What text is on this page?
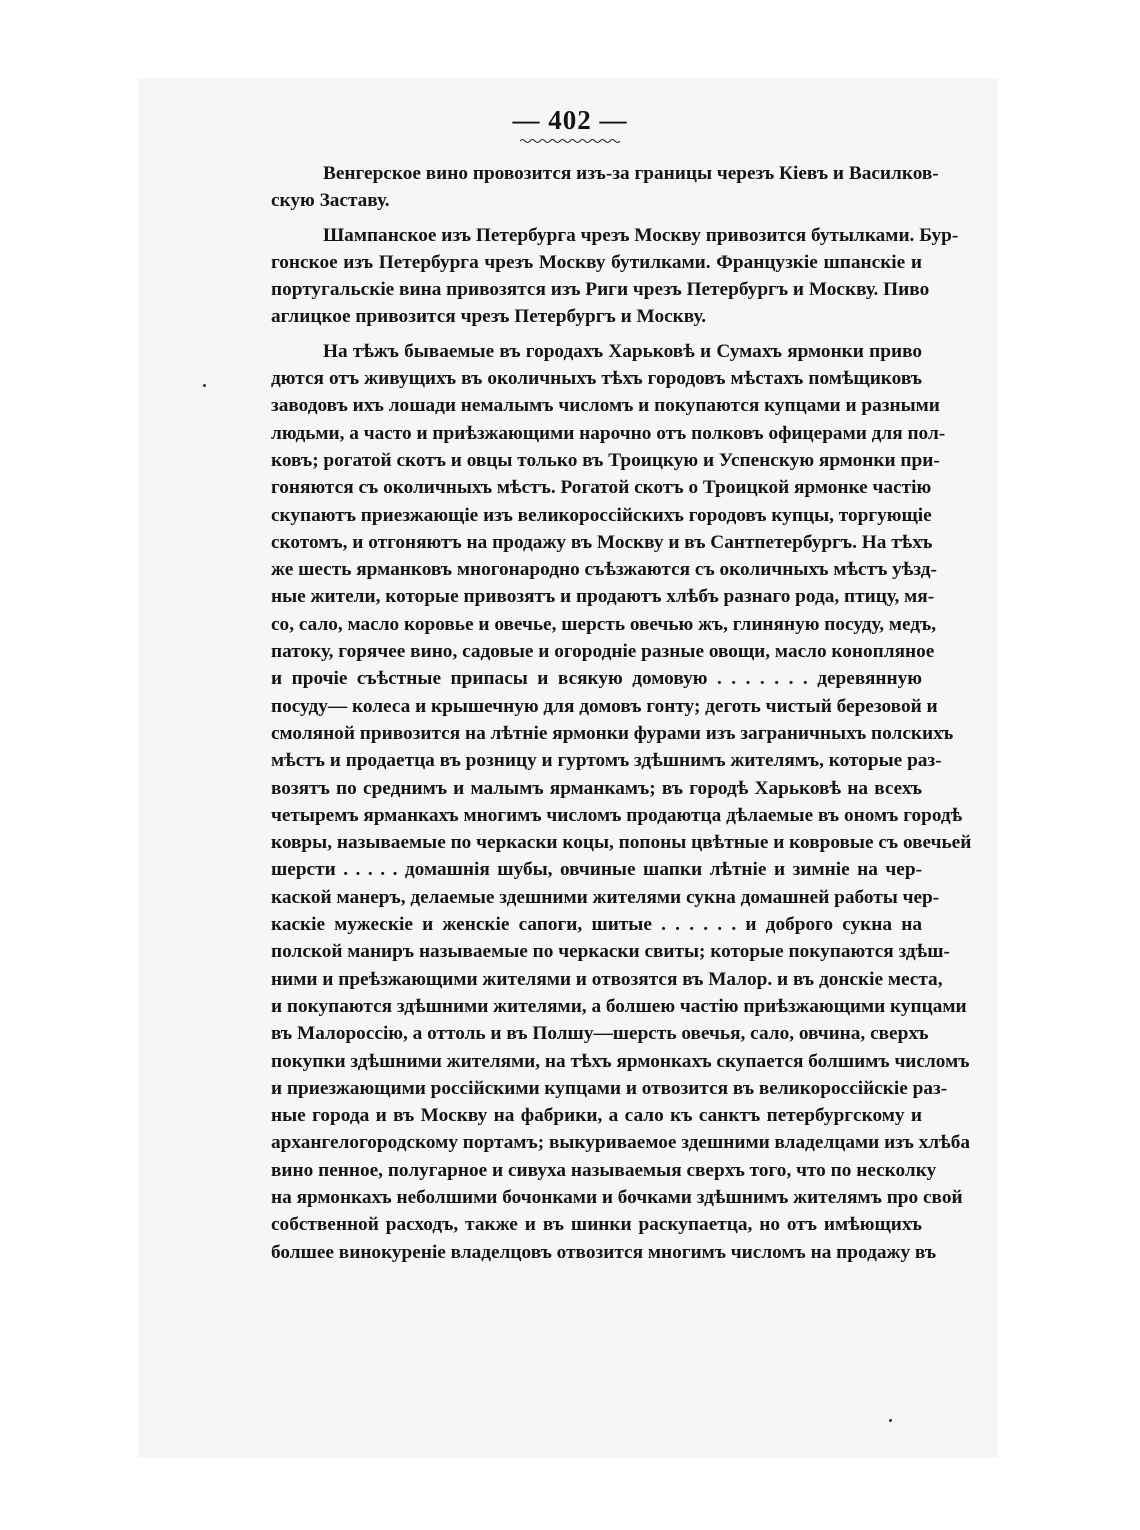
— 402 —
Венгерское вино провозится изъ-за границы черезъ Кіевъ и Василков-
скую Заставу.
Шампанское изъ Петербурга чрезъ Москву привозится бутылками. Бур-
гонское изъ Петербурга чрезъ Москву бутилками. Французкіе шпанскіе и
португальскіе вина привозятся изъ Риги чрезъ Петербургъ и Москву. Пиво
аглицкое привозится чрезъ Петербургъ и Москву.
На тѣжъ бываемые въ городахъ Харьковѣ и Сумахъ ярмонки приво
дются отъ живущихъ въ околичныхъ тѣхъ городовъ мѣстахъ помѣщиковъ
заводовъ ихъ лошади немалымъ числомъ и покупаются купцами и разными
людьми, а часто и приѣзжающими нарочно отъ полковъ офицерами для пол-
ковъ; рогатой скотъ и овцы только въ Троицкую и Успенскую ярмонки при-
гоняются съ околичныхъ мѣстъ. Рогатой скотъ о Троицкой ярмонке частію
скупаютъ приезжающіе изъ великороссійскихъ городовъ купцы, торгующіе
скотомъ, и отгоняютъ на продажу въ Москву и въ Сантпетербургъ. На тѣхъ
же шесть ярманковъ многонародно съѣзжаются съ околичныхъ мѣстъ уѣзд-
ные жители, которые привозятъ и продаютъ хлѣбъ разнаго рода, птицу, мя-
со, сало, масло коровье и овечье, шерсть овечью жъ, глиняную посуду, медъ,
патоку, горячее вино, садовые и огороднiе разные овощи, масло конопляное
и прочіе съѣстные припасы и всякую домовую . . . . . . . деревянную
посуду— колеса и крышечную для домовъ гонту; деготь чистый березовой и
смоляной привозится на лѣтніе ярмонки фурами изъ заграничныхъ полскихъ
мѣстъ и продаетца въ розницу и гуртомъ здѣшнимъ жителямъ, которые раз-
возятъ по среднимъ и малымъ ярманкамъ; въ городѣ Харьковѣ на всехъ
четыремъ ярманкахъ многимъ числомъ продаютца дѣлаемые въ ономъ городѣ
ковры, называемые по черкаски коцы, попоны цвѣтные и ковровые съ овечьей
шерсти . . . . . домашнія шубы, овчиные шапки лѣтніе и зимніе на чер-
каской манеръ, делаемые здешними жителями сукна домашней работы чер-
каскіе мужескіе и женскіе сапоги, шитые . . . . . . и доброго сукна на
полской маниръ называемые по черкаски свиты; которые покупаются здѣш-
ними и преѣзжающими жителями и отвозятся въ Малор. и въ донскіе места,
и покупаются здѣшними жителями, а болшею частію приѣзжающими купцами
въ Малороссію, а оттоль и въ Полшу—шерсть овечья, сало, овчина, сверхъ
покупки здѣшними жителями, на тѣхъ ярмонкахъ скупается болшимъ числомъ
и приезжающими россійскими купцами и отвозится въ великороссійскіе раз-
ные города и въ Москву на фабрики, а сало къ санктъ петербургскому и
архангелогородскому портамъ; выкуриваемое здешними владелцами изъ хлѣба
вино пенное, полугарное и сивуха называемыя сверхъ того, что по несколку
на ярмонкахъ неболшими бочонками и бочками здѣшнимъ жителямъ про свой
собственной расходъ, также и въ шинки раскупаетца, но отъ имѣющихъ
болшее винокуреніе владелцовъ отвозится многимъ числомъ на продажу въ
